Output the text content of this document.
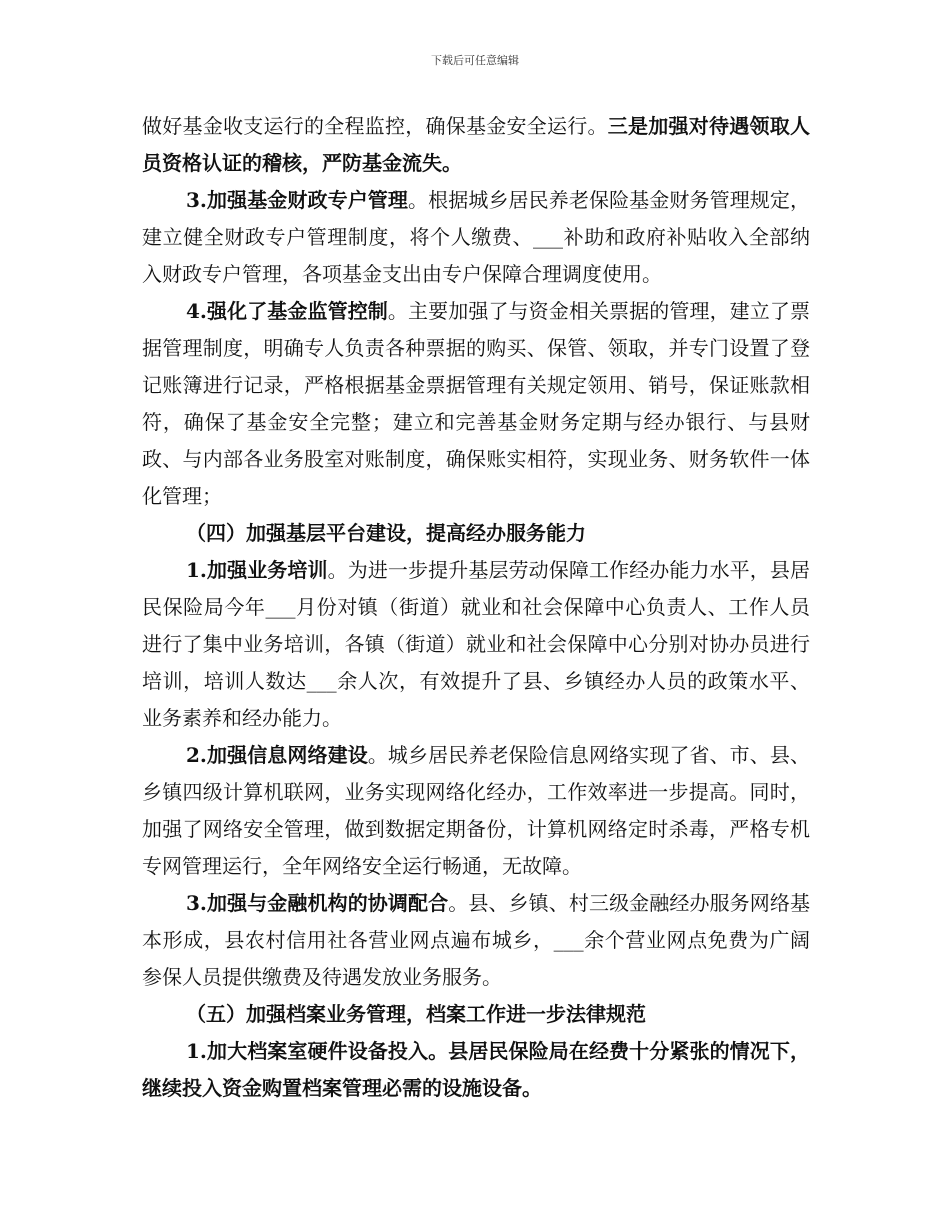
下载后可任意编辑

做好基金收支运行的全程监控，确保基金安全运行。三是加强对待遇领取人员资格认证的稽核，严防基金流失。

3.加强基金财政专户管理。根据城乡居民养老保险基金财务管理规定，建立健全财政专户管理制度，将个人缴费、___补助和政府补贴收入全部纳入财政专户管理，各项基金支出由专户保障合理调度使用。

4.强化了基金监管控制。主要加强了与资金相关票据的管理，建立了票据管理制度，明确专人负责各种票据的购买、保管、领取，并专门设置了登记账簿进行记录，严格根据基金票据管理有关规定领用、销号，保证账款相符，确保了基金安全完整；建立和完善基金财务定期与经办银行、与县财政、与内部各业务股室对账制度，确保账实相符，实现业务、财务软件一体化管理；

（四）加强基层平台建设，提高经办服务能力

1.加强业务培训。为进一步提升基层劳动保障工作经办能力水平，县居民保险局今年___月份对镇（街道）就业和社会保障中心负责人、工作人员进行了集中业务培训，各镇（街道）就业和社会保障中心分别对协办员进行培训，培训人数达___余人次，有效提升了县、乡镇经办人员的政策水平、业务素养和经办能力。

2.加强信息网络建设。城乡居民养老保险信息网络实现了省、市、县、乡镇四级计算机联网，业务实现网络化经办，工作效率进一步提高。同时，加强了网络安全管理，做到数据定期备份，计算机网络定时杀毒，严格专机专网管理运行，全年网络安全运行畅通，无故障。

3.加强与金融机构的协调配合。县、乡镇、村三级金融经办服务网络基本形成，县农村信用社各营业网点遍布城乡，___余个营业网点免费为广阔参保人员提供缴费及待遇发放业务服务。

（五）加强档案业务管理，档案工作进一步法律规范

1.加大档案室硬件设备投入。县居民保险局在经费十分紧张的情况下，继续投入资金购置档案管理必需的设施设备。
